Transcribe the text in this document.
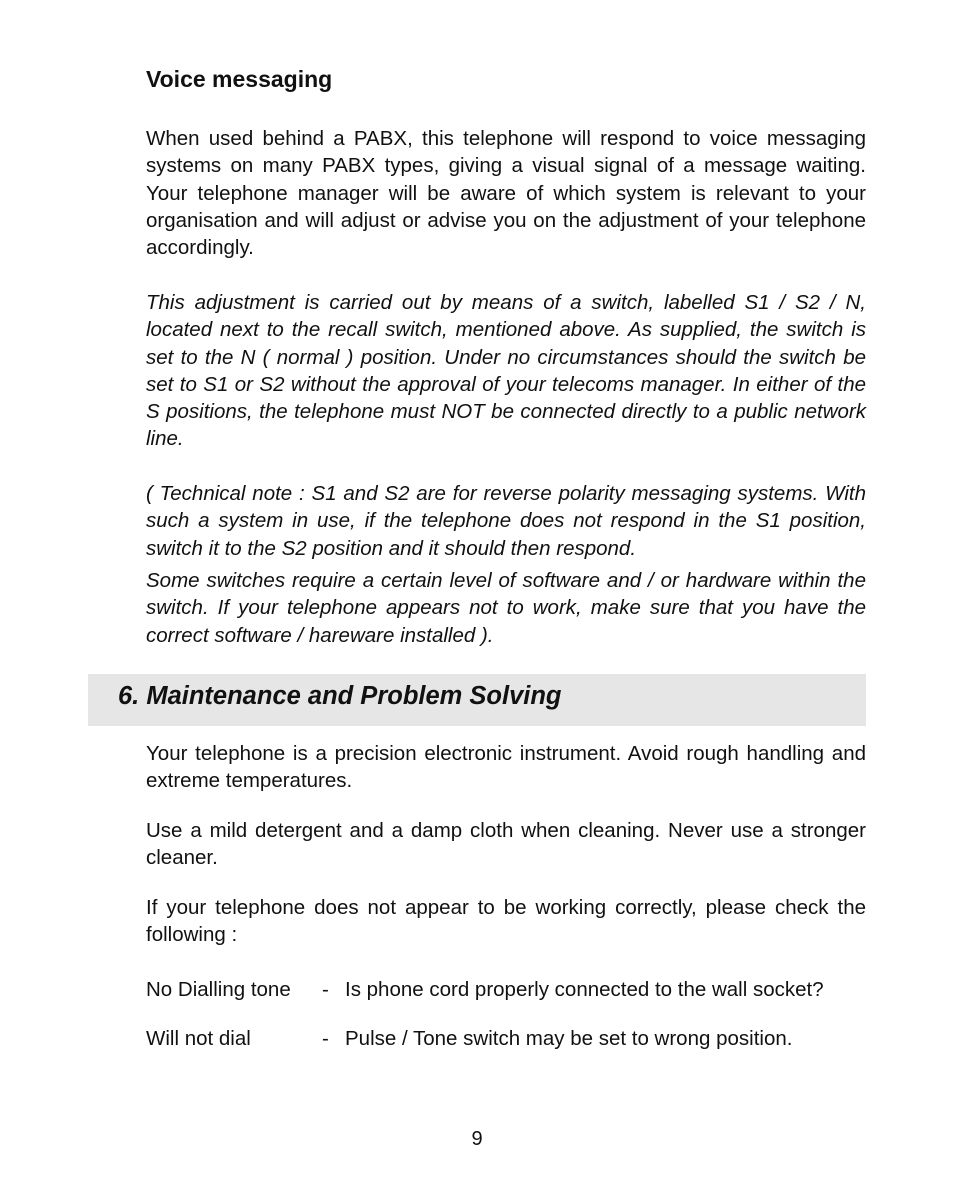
Voice messaging

When used behind a PABX, this telephone will respond to voice messaging systems on many PABX types, giving a visual signal of a message waiting. Your telephone manager will be aware of which system is relevant to your organisation and will adjust or advise you on the adjustment of your telephone accordingly.

This adjustment is carried out by means of a switch, labelled S1 / S2 / N, located next to the recall switch, mentioned above. As supplied, the switch is set to the N ( normal ) position. Under no circumstances should the switch be set to S1 or S2 without the approval of your telecoms manager. In either of the S positions, the telephone must NOT be connected directly to a public network line.

( Technical note : S1 and S2 are for reverse polarity messaging systems. With such a system in use, if the telephone does not respond in the S1 position, switch it to the S2 position and it should then respond.

Some switches require a certain level of software and / or hardware within the switch. If your telephone appears not to work, make sure that you have the correct software / hareware installed ).

6. Maintenance and Problem Solving

Your telephone is a precision electronic instrument. Avoid rough handling and extreme temperatures.

Use a mild detergent and a damp cloth when cleaning. Never use a stronger cleaner.

If your telephone does not appear to be working correctly, please check the following :

No Dialling tone - Is phone cord properly connected to the wall socket?
Will not dial	- Pulse / Tone switch may be set to wrong position.
9
